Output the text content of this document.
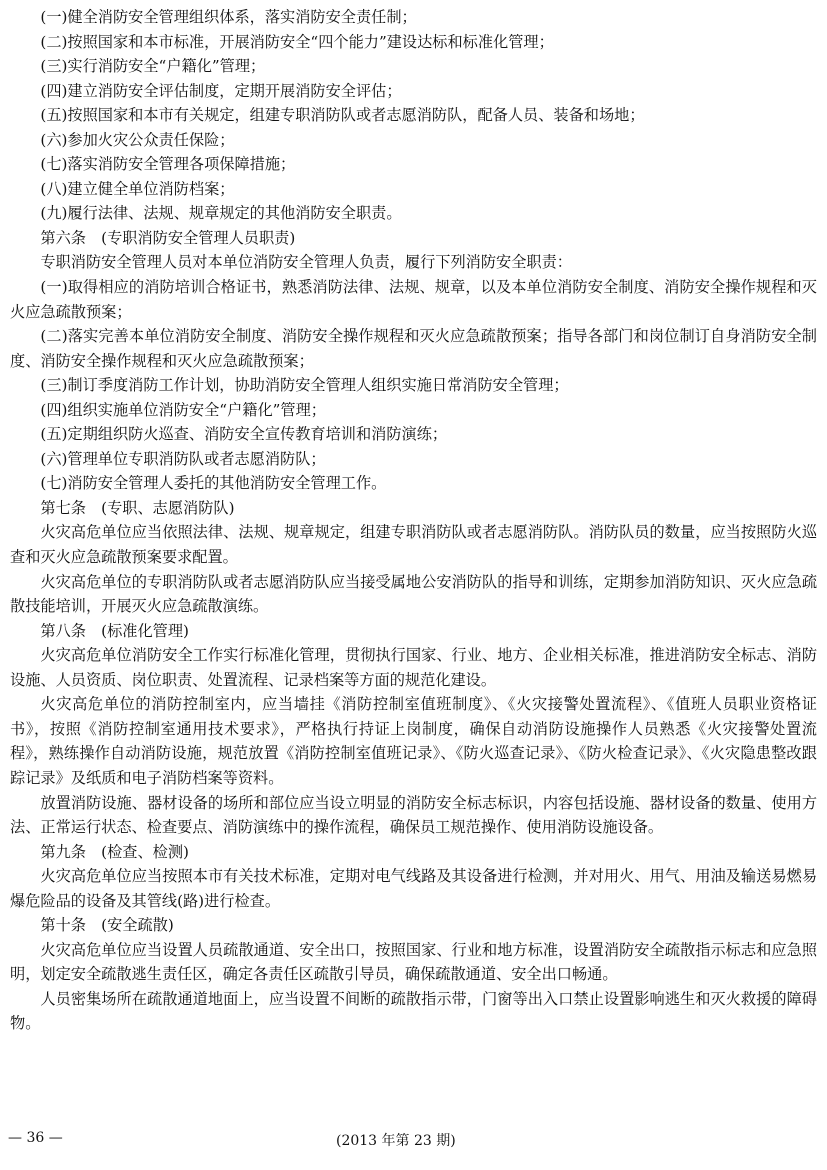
(一)健全消防安全管理组织体系，落实消防安全责任制；

(二)按照国家和本市标准，开展消防安全“四个能力”建设达标和标准化管理；

(三)实行消防安全“户籍化”管理；

(四)建立消防安全评估制度，定期开展消防安全评估；

(五)按照国家和本市有关规定，组建专职消防队或者志愿消防队，配备人员、装备和场地；

(六)参加火灾公众责任保险；

(七)落实消防安全管理各项保障措施；

(八)建立健全单位消防档案；

(九)履行法律、法规、规章规定的其他消防安全职责。

第六条　(专职消防安全管理人员职责)

专职消防安全管理人员对本单位消防安全管理人负责，履行下列消防安全职责：

(一)取得相应的消防培训合格证书，熟悉消防法律、法规、规章，以及本单位消防安全制度、消防安全操作规程和灭火应急疏散预案；

(二)落实完善本单位消防安全制度、消防安全操作规程和灭火应急疏散预案；指导各部门和岗位制订自身消防安全制度、消防安全操作规程和灭火应急疏散预案；

(三)制订季度消防工作计划，协助消防安全管理人组织实施日常消防安全管理；

(四)组织实施单位消防安全“户籍化”管理；

(五)定期组织防火巡查、消防安全宣传教育培训和消防演练；

(六)管理单位专职消防队或者志愿消防队；

(七)消防安全管理人委托的其他消防安全管理工作。

第七条　(专职、志愿消防队)

火灾高危单位应当依照法律、法规、规章规定，组建专职消防队或者志愿消防队。消防队员的数量，应当按照防火巡查和灭火应急疏散预案要求配置。

火灾高危单位的专职消防队或者志愿消防队应当接受属地公安消防队的指导和训练，定期参加消防知识、灭火应急疏散技能培训，开展灭火应急疏散演练。

第八条　(标准化管理)

火灾高危单位消防安全工作实行标准化管理，贯彻执行国家、行业、地方、企业相关标准，推进消防安全标志、消防设施、人员资质、岗位职责、处置流程、记录档案等方面的规范化建设。

火灾高危单位的消防控制室内，应当墙挂《消防控制室值班制度》、《火灾接警处置流程》、《值班人员职业资格证书》，按照《消防控制室通用技术要求》，严格执行持证上岗制度，确保自动消防设施操作人员熟悉《火灾接警处置流程》，熟练操作自动消防设施，规范放置《消防控制室值班记录》、《防火巡查记录》、《防火检查记录》、《火灾隐患整改跟踪记录》及纸质和电子消防档案等资料。

放置消防设施、器材设备的场所和部位应当设立明显的消防安全标志标识，内容包括设施、器材设备的数量、使用方法、正常运行状态、检查要点、消防演练中的操作流程，确保员工规范操作、使用消防设施设备。

第九条　(检查、检测)

火灾高危单位应当按照本市有关技术标准，定期对电气线路及其设备进行检测，并对用火、用气、用油及输送易燃易爆危险品的设备及其管线(路)进行检查。

第十条　(安全疏散)

火灾高危单位应当设置人员疏散通道、安全出口，按照国家、行业和地方标准，设置消防安全疏散指示标志和应急照明，划定安全疏散逃生责任区，确定各责任区疏散引导员，确保疏散通道、安全出口畅通。

人员密集场所在疏散通道地面上，应当设置不间断的疏散指示带，门窗等出入口禁止设置影响逃生和灭火救援的障碍物。

— 36 —	(2013 年第 23 期)
